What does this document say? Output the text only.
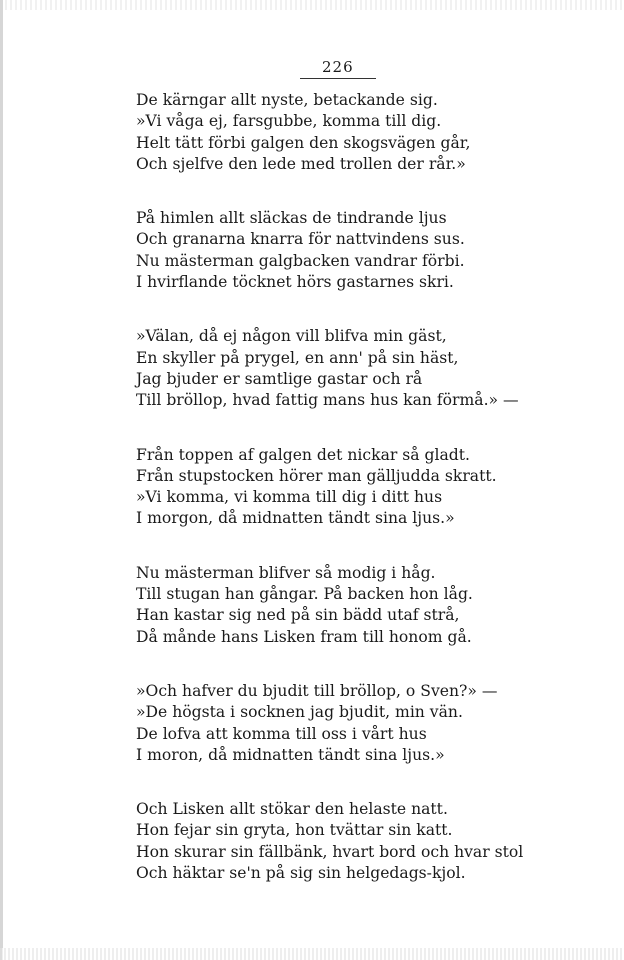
226
De kärngar allt nyste, betackande sig.
»Vi våga ej, farsgubbe, komma till dig.
Helt tätt förbi galgen den skogsvägen går,
Och sjelfve den lede med trollen der rår.»
På himlen allt släckas de tindrande ljus
Och granarna knarra för nattvindens sus.
Nu mästerman galgbacken vandrar förbi.
I hvirflande töcknet hörs gastarnes skri.
»Välan, då ej någon vill blifva min gäst,
En skyller på prygel, en ann' på sin häst,
Jag bjuder er samtlige gastar och rå
Till bröllop, hvad fattig mans hus kan förmå.» —
Från toppen af galgen det nickar så gladt.
Från stupstocken hörer man gälljudda skratt.
»Vi komma, vi komma till dig i ditt hus
I morgon, då midnatten tändt sina ljus.»
Nu mästerman blifver så modig i håg.
Till stugan han gångar. På backen hon låg.
Han kastar sig ned på sin bädd utaf strå,
Då månde hans Lisken fram till honom gå.
»Och hafver du bjudit till bröllop, o Sven?» —
»De högsta i socknen jag bjudit, min vän.
De lofva att komma till oss i vårt hus
I moron, då midnatten tändt sina ljus.»
Och Lisken allt stökar den helaste natt.
Hon fejar sin gryta, hon tvättar sin katt.
Hon skurar sin fällbänk, hvart bord och hvar stol
Och häktar se'n på sig sin helgedags-kjol.
